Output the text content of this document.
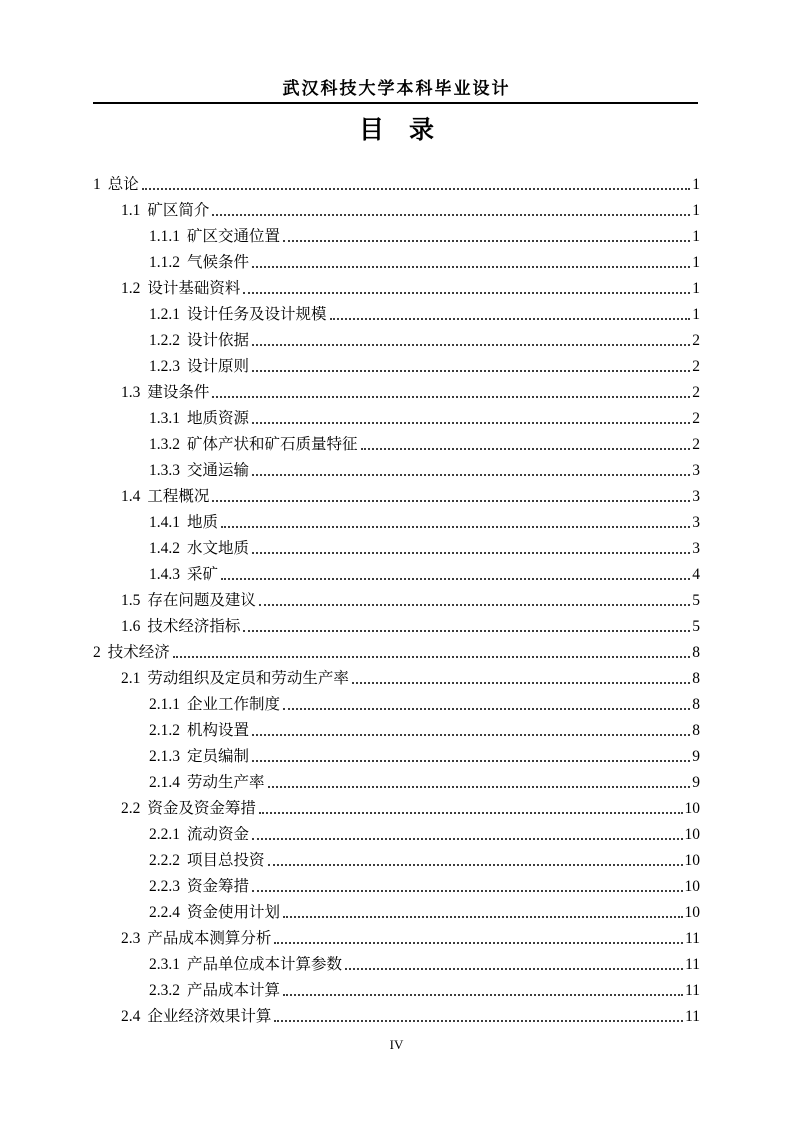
武汉科技大学本科毕业设计
目　录
1 总论	1
1.1 矿区简介	1
1.1.1 矿区交通位置	1
1.1.2 气候条件	1
1.2 设计基础资料	1
1.2.1 设计任务及设计规模	1
1.2.2 设计依据	2
1.2.3 设计原则	2
1.3 建设条件	2
1.3.1 地质资源	2
1.3.2 矿体产状和矿石质量特征	2
1.3.3 交通运输	3
1.4 工程概况	3
1.4.1 地质	3
1.4.2 水文地质	3
1.4.3 采矿	4
1.5 存在问题及建议	5
1.6 技术经济指标	5
2 技术经济	8
2.1 劳动组织及定员和劳动生产率	8
2.1.1 企业工作制度	8
2.1.2 机构设置	8
2.1.3 定员编制	9
2.1.4 劳动生产率	9
2.2 资金及资金筹措	10
2.2.1 流动资金	10
2.2.2 项目总投资	10
2.2.3 资金筹措	10
2.2.4 资金使用计划	10
2.3 产品成本测算分析	11
2.3.1 产品单位成本计算参数	11
2.3.2 产品成本计算	11
2.4 企业经济效果计算	11
IV
